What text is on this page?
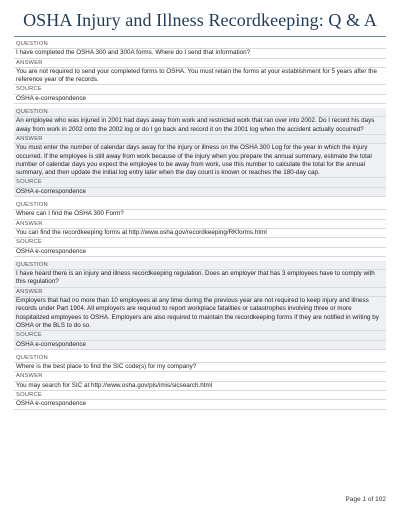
OSHA Injury and Illness Recordkeeping: Q & A
QUESTION
I have completed the OSHA 300 and 300A forms. Where do I send that information?
ANSWER
You are not required to send your completed forms to OSHA. You must retain the forms at your establishment for 5 years after the reference year of the records.
SOURCE
OSHA e-correspondence
QUESTION
An employee who was injured in 2001 had days away from work and restricted work that ran over into 2002. Do I record his days away from work in 2002 onto the 2002 log or do I go back and record it on the 2001 log when the accident actually occurred?
ANSWER
You must enter the number of calendar days away for the injury or illness on the OSHA 300 Log for the year in which the injury occurred. If the employee is still away from work because of the injury when you prepare the annual summary, estimate the total number of calendar days you expect the employee to be away from work, use this number to calculate the total for the annual summary, and then update the initial log entry later when the day count is known or reaches the 180-day cap.
SOURCE
OSHA e-correspondence
QUESTION
Where can I find the OSHA 300 Form?
ANSWER
You can find the recordkeeping forms at http://www.osha.gov/recordkeeping/RKforms.html
SOURCE
OSHA e-correspondence
QUESTION
I have heard there is an injury and illness recordkeeping regulation. Does an employer that has 3 employees have to comply with this regulation?
ANSWER
Employers that had no more than 10 employees at any time during the previous year are not required to keep injury and illness records under Part 1904. All employers are required to report workplace fatalities or catastrophes involving three or more hospitalized employees to OSHA. Employers are also required to maintain the recordkeeping forms if they are notified in writing by OSHA or the BLS to do so.
SOURCE
OSHA e-correspondence
QUESTION
Where is the best place to find the SIC code(s) for my company?
ANSWER
You may search for SIC at http://www.osha.gov/pls/imis/sicsearch.html
SOURCE
OSHA e-correspondence
Page 1 of 102
